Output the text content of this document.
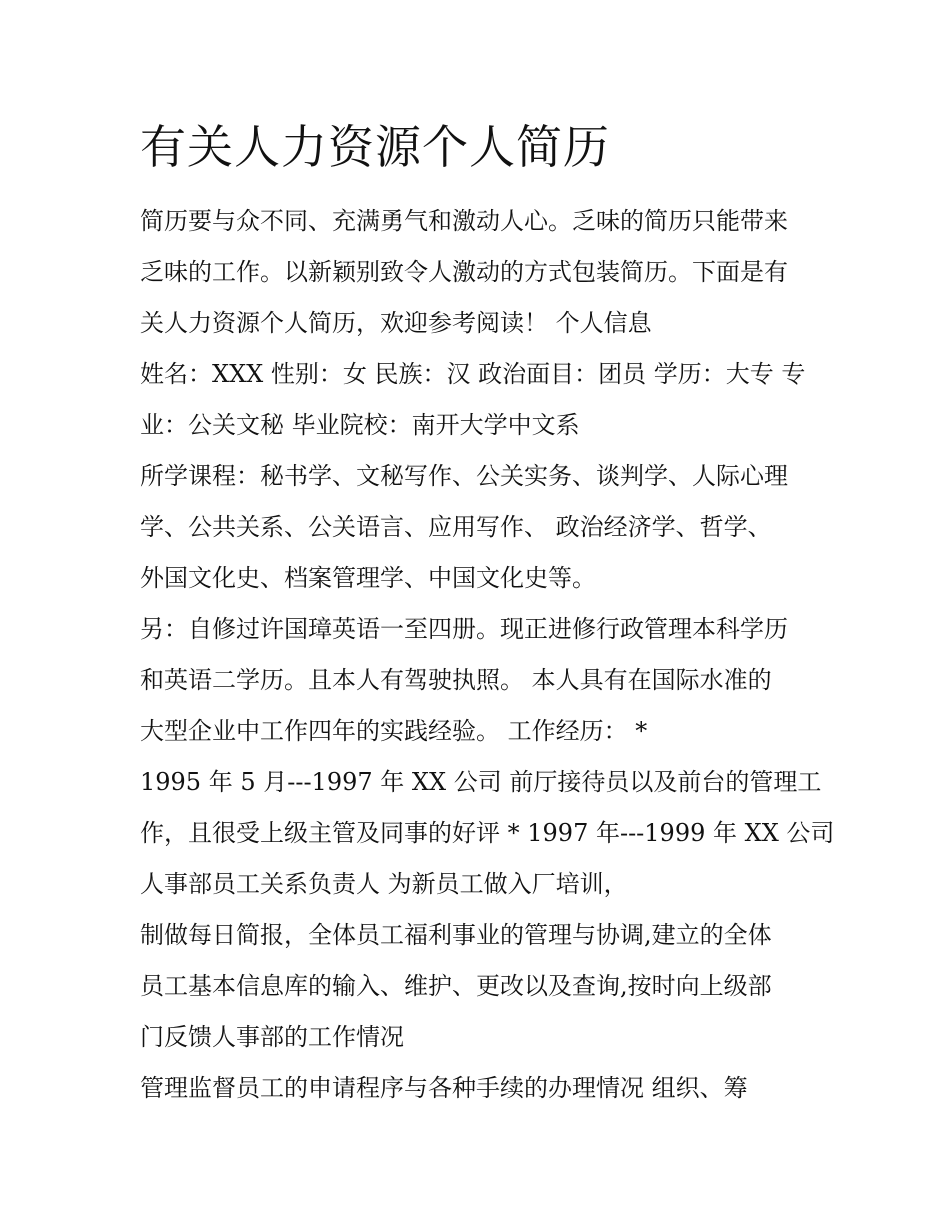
有关人力资源个人简历
简历要与众不同、充满勇气和激动人心。乏味的简历只能带来
乏味的工作。以新颖别致令人激动的方式包装简历。下面是有
关人力资源个人简历，欢迎参考阅读！ 个人信息
姓名：XXX 性别：女 民族：汉 政治面目：团员 学历：大专 专
业：公关文秘 毕业院校：南开大学中文系
所学课程：秘书学、文秘写作、公关实务、谈判学、人际心理
学、公共关系、公关语言、应用写作、 政治经济学、哲学、
外国文化史、档案管理学、中国文化史等。
另：自修过许国璋英语一至四册。现正进修行政管理本科学历
和英语二学历。且本人有驾驶执照。 本人具有在国际水准的
大型企业中工作四年的实践经验。 工作经历： *
1995 年 5 月---1997 年 XX 公司 前厅接待员以及前台的管理工
作，且很受上级主管及同事的好评 * 1997 年---1999 年 XX 公司
人事部员工关系负责人 为新员工做入厂培训，
制做每日简报，全体员工福利事业的管理与协调,建立的全体
员工基本信息库的输入、维护、更改以及查询,按时向上级部
门反馈人事部的工作情况
管理监督员工的申请程序与各种手续的办理情况 组织、筹
